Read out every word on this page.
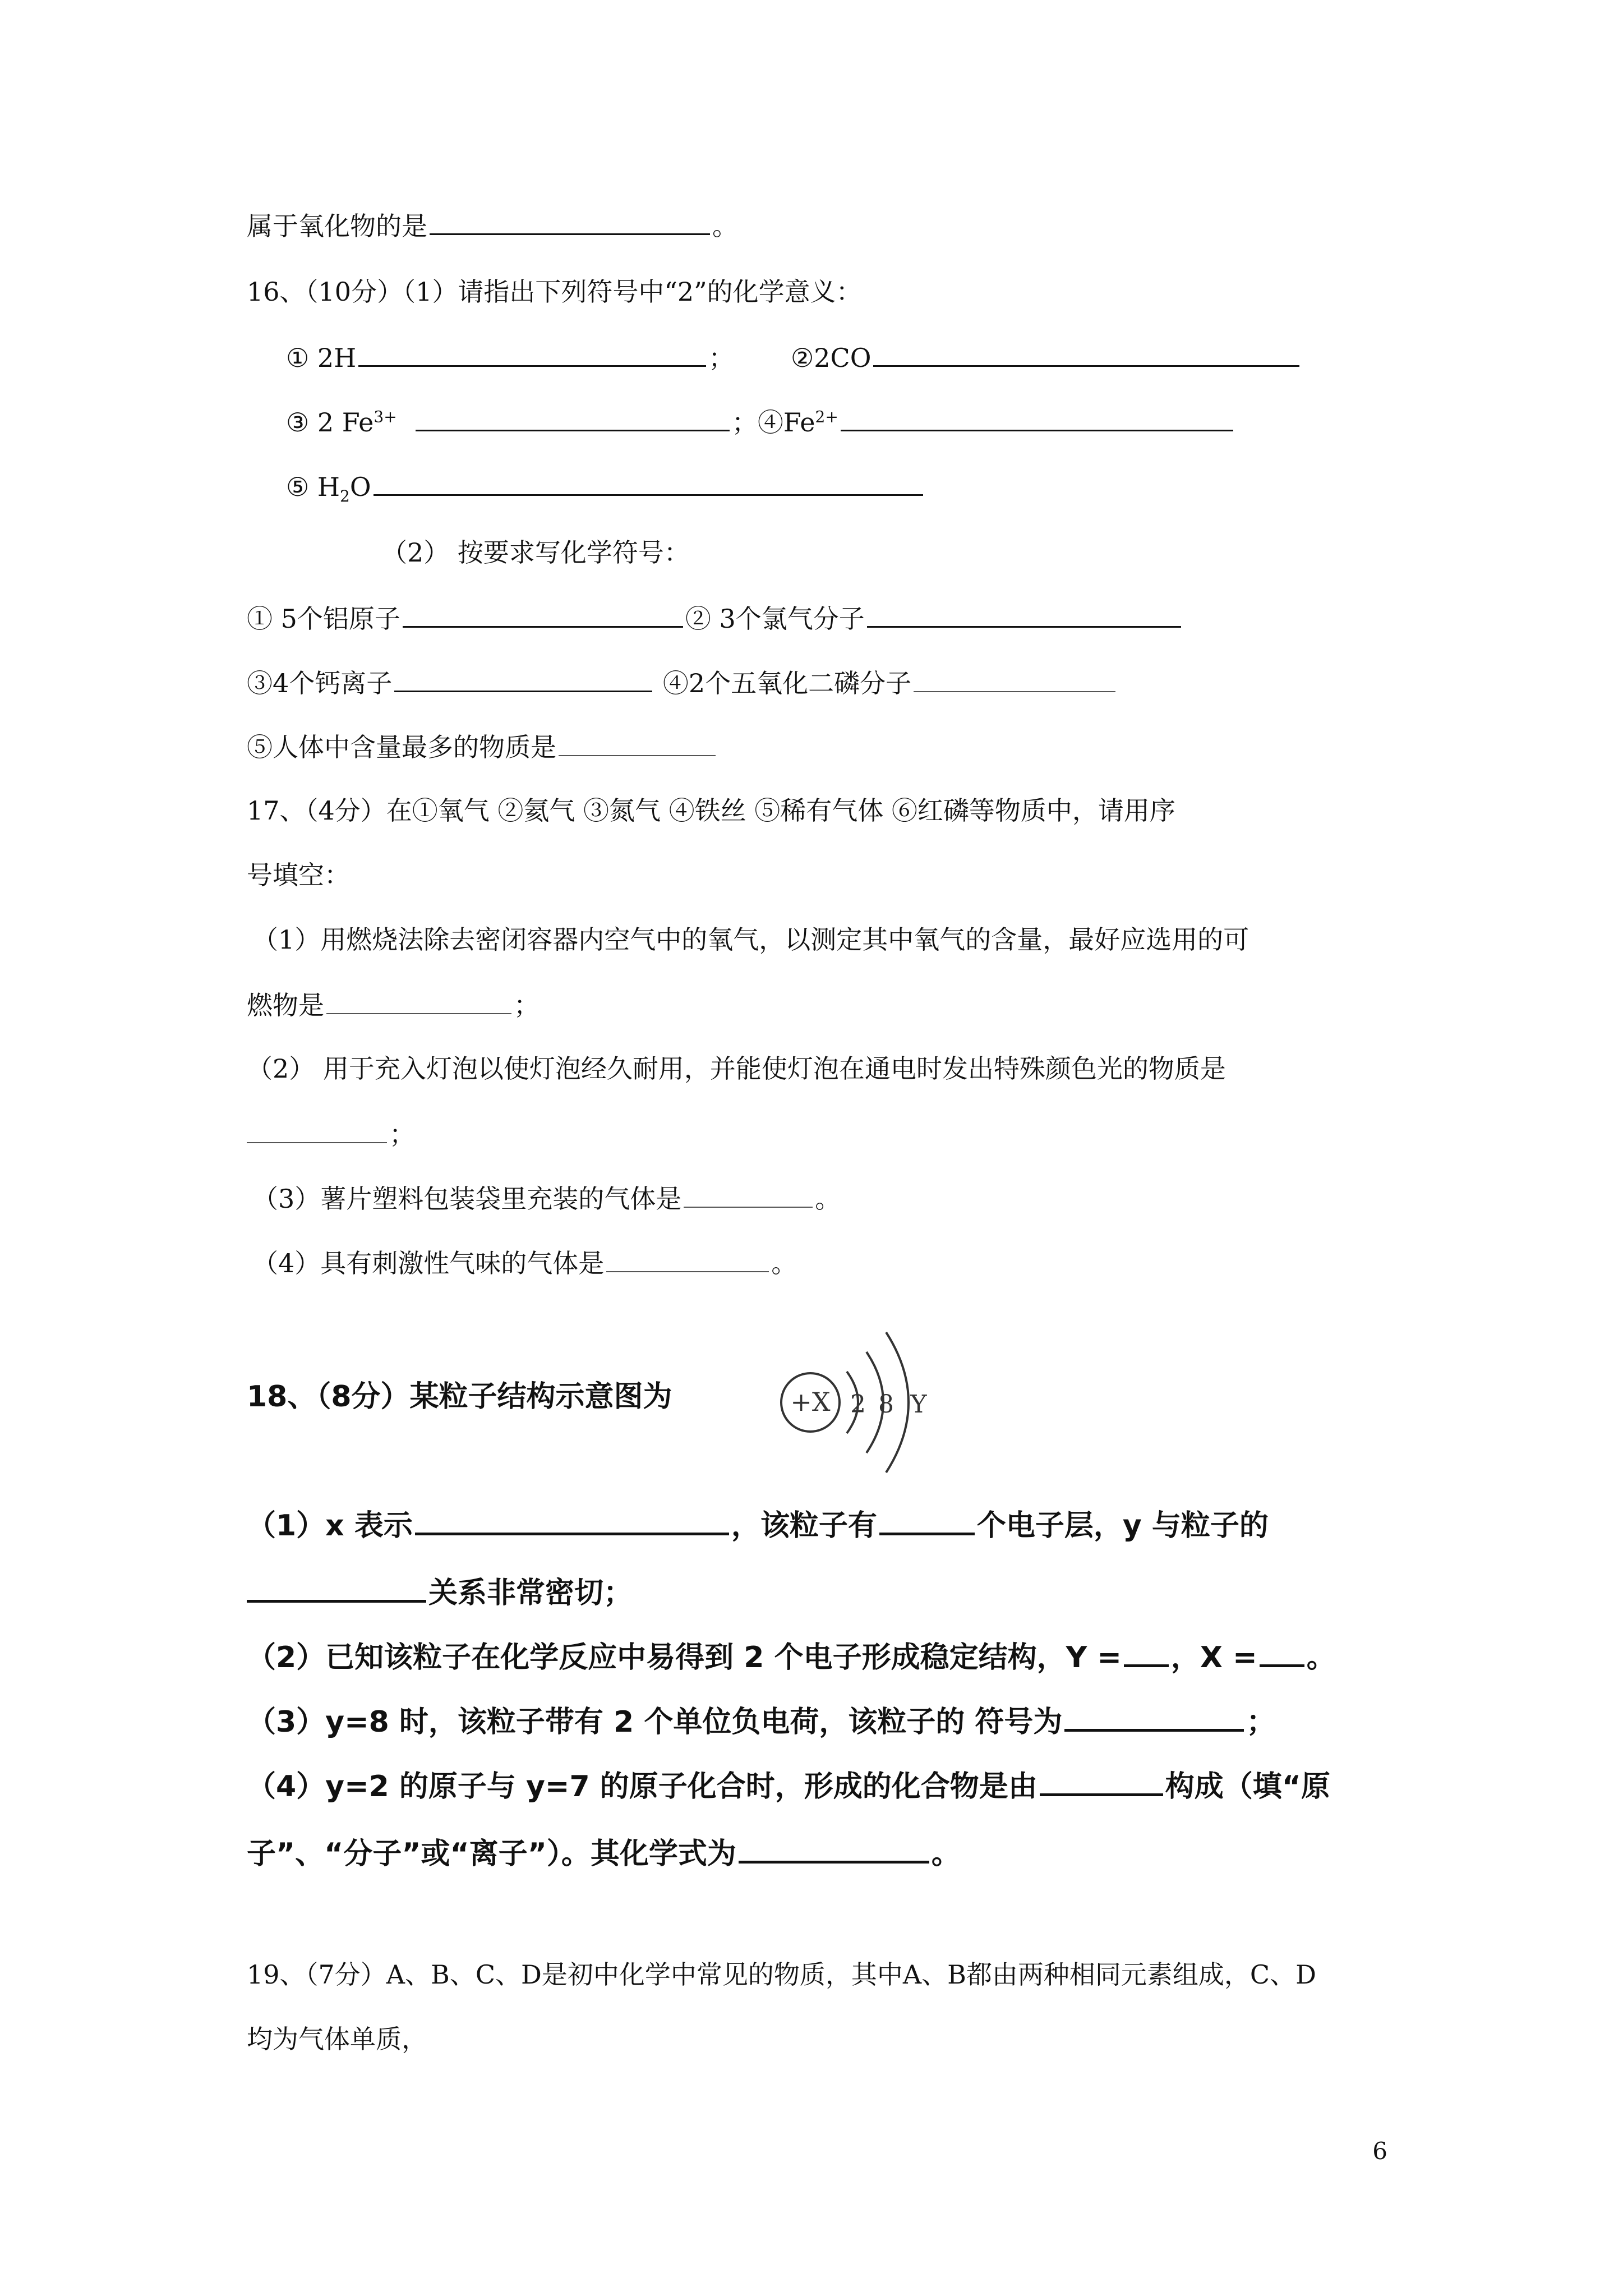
属于氧化物的是	。
16、（10分）（1）请指出下列符号中“2”的化学意义：
① 2H	； ②2CO
③ 2 $Fe^{3+}$	；$④Fe^{2+}$
⑤ $H_2O$
（2） 按要求写化学符号：
① 5个铝原子	② 3个氯气分子
③4个钙离子	④2个五氧化二磷分子
⑤人体中含量最多的物质是
17、（4分）在①氧气 ②氦气 ③氮气 ④铁丝 ⑤稀有气体 ⑥红磷等物质中，请用序
号填空：
（1）用燃烧法除去密闭容器内空气中的氧气，以测定其中氧气的含量，最好应选用的可
燃物是	；
（2） 用于充入灯泡以使灯泡经久耐用，并能使灯泡在通电时发出特殊颜色光的物质是
；
（3）薯片塑料包装袋里充装的气体是	。
（4）具有刺激性气味的气体是	。
18、（8分）某粒子结构示意图为	+X 2 8 Y
（1）x 表示	，该粒子有	个电子层，y 与粒子的
关系非常密切；
（2）已知该粒子在化学反应中易得到 2 个电子形成稳定结构，Y = ，X = 。
（3）y=8 时，该粒子带有 2 个单位负电荷，该粒子的 符号为	；
（4）y=2 的原子与 y=7 的原子化合时，形成的化合物是由	构成（填“原
子”、“分子”或“离子”）。其化学式为	。
19、（7分）A、B、C、D是初中化学中常见的物质，其中A、B都由两种相同元素组成，C、D
均为气体单质，
6
